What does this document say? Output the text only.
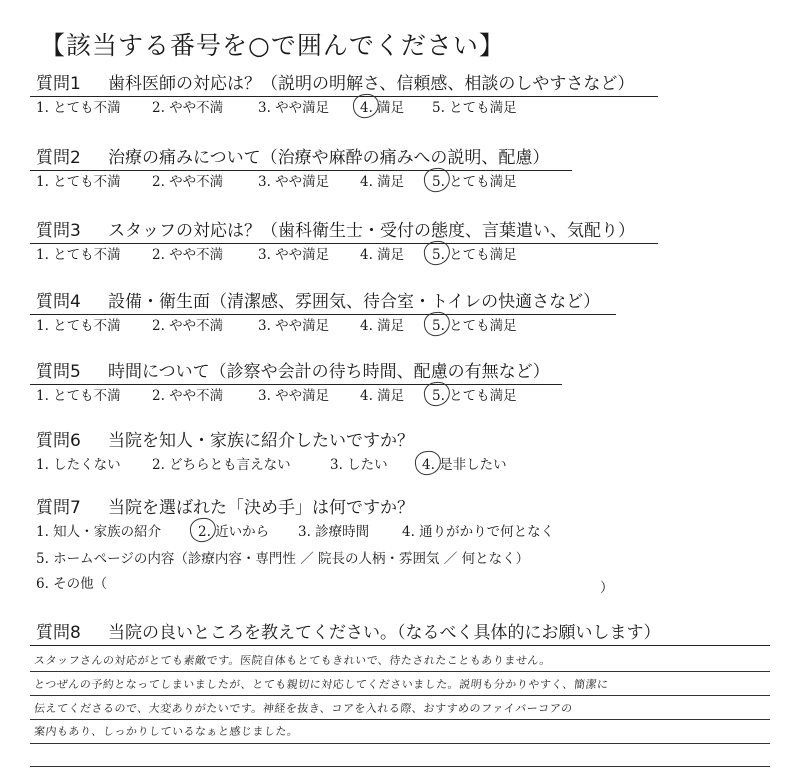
【該当する番号を○で囲んでください】
質問1 歯科医師の対応は？（説明の明解さ、信頼感、相談のしやすさなど）
1. とても不満 2. やや不満	3. やや満足 4. 満足 5. とても満足
質問2 治療の痛みについて（治療や麻酔の痛みへの説明、配慮）
1. とても不満 2. やや不満	3. やや満足 4. 満足 5. とても満足
質問3 スタッフの対応は？（歯科衛生士・受付の態度、言葉遣い、気配り）
1. とても不満 2. やや不満	3. やや満足 4. 満足 5. とても満足
質問4 設備・衛生面（清潔感、雰囲気、待合室・トイレの快適さなど）
1. とても不満 2. やや不満	3. やや満足 4. 満足 5. とても満足
質問5 時間について（診察や会計の待ち時間、配慮の有無など）
1. とても不満 2. やや不満	3. やや満足 4. 満足 5. とても満足
質問6 当院を知人・家族に紹介したいですか？
1. したくない 2. どちらとも言えない	3. したい	4. 是非したい
質問7 当院を選ばれた「決め手」は何ですか？
1. 知人・家族の紹介	2. 近いから 3. 診療時間 4. 通りがかりで何となく
5. ホームページの内容（診療内容・専門性 ／ 院長の人柄・雰囲気 ／ 何となく）
6. その他（	）
質問8 当院の良いところを教えてください。（なるべく具体的にお願いします）
スタッフさんの対応がとても素敵です。医院自体もとてもきれいで、待たされたこともありません。
とつぜんの予約となってしまいましたが、とても親切に対応してくださいました。説明も分かりやすく、簡潔に
伝えてくださるので、大変ありがたいです。神経を抜き、コアを入れる際、おすすめのファイバーコアの
案内もあり、しっかりしているなぁと感じました。
